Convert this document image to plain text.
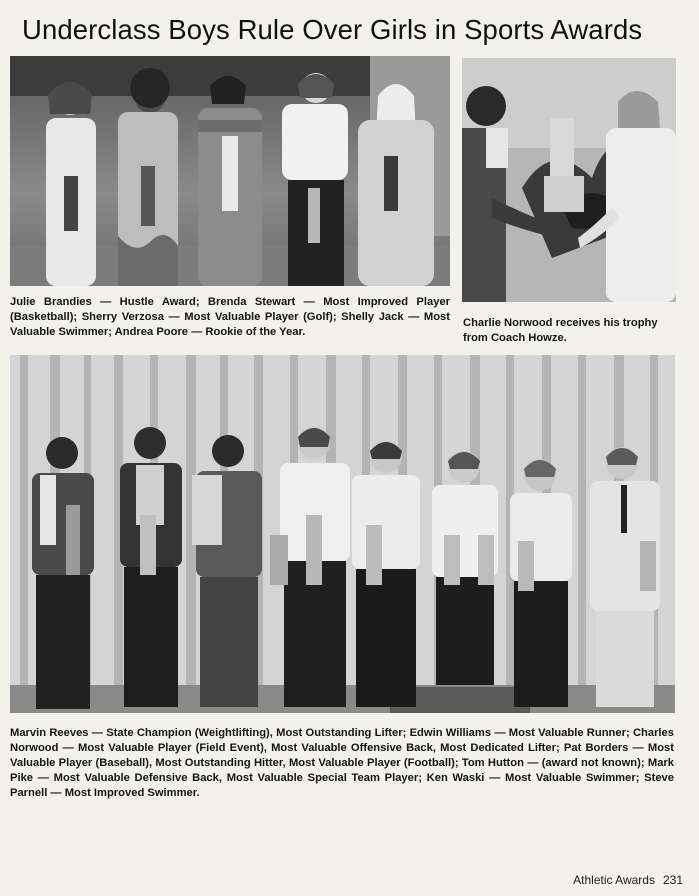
Underclass Boys Rule Over Girls in Sports Awards
Julie Brandies — Hustle Award; Brenda Stewart — Most Improved Player (Basketball); Sherry Verzosa — Most Valuable Player (Golf); Shelly Jack — Most Valuable Swimmer; Andrea Poore — Rookie of the Year.
Charlie Norwood receives his trophy from Coach Howze.
Marvin Reeves — State Champion (Weightlifting), Most Outstanding Lifter; Edwin Williams — Most Valuable Runner; Charles Norwood — Most Valuable Player (Field Event), Most Valuable Offensive Back, Most Dedicated Lifter; Pat Borders — Most Valuable Player (Baseball), Most Outstanding Hitter, Most Valuable Player (Football); Tom Hutton — (award not known); Mark Pike — Most Valuable Defensive Back, Most Valuable Special Team Player; Ken Waski — Most Valuable Swimmer; Steve Parnell — Most Improved Swimmer.
Athletic Awards 231
